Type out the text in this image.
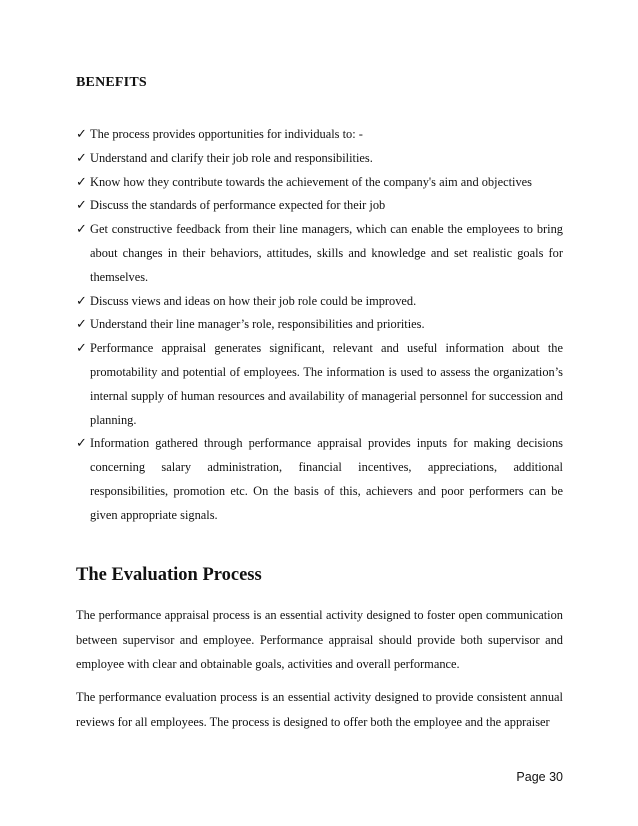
BENEFITS
✓ The process provides opportunities for individuals to: -
✓ Understand and clarify their job role and responsibilities.
✓ Know how they contribute towards the achievement of the company's aim and objectives
✓ Discuss the standards of performance expected for their job
✓ Get constructive feedback from their line managers, which can enable the employees to bring about changes in their behaviors, attitudes, skills and knowledge and set realistic goals for themselves.
✓ Discuss views and ideas on how their job role could be improved.
✓ Understand their line manager’s role, responsibilities and priorities.
✓ Performance appraisal generates significant, relevant and useful information about the promotability and potential of employees. The information is used to assess the organization’s internal supply of human resources and availability of managerial personnel for succession and planning.
✓ Information gathered through performance appraisal provides inputs for making decisions concerning salary administration, financial incentives, appreciations, additional responsibilities, promotion etc. On the basis of this, achievers and poor performers can be given appropriate signals.
The Evaluation Process

The performance appraisal process is an essential activity designed to foster open communication between supervisor and employee. Performance appraisal should provide both supervisor and employee with clear and obtainable goals, activities and overall performance.

The performance evaluation process is an essential activity designed to provide consistent annual reviews for all employees. The process is designed to offer both the employee and the appraiser

Page 30
